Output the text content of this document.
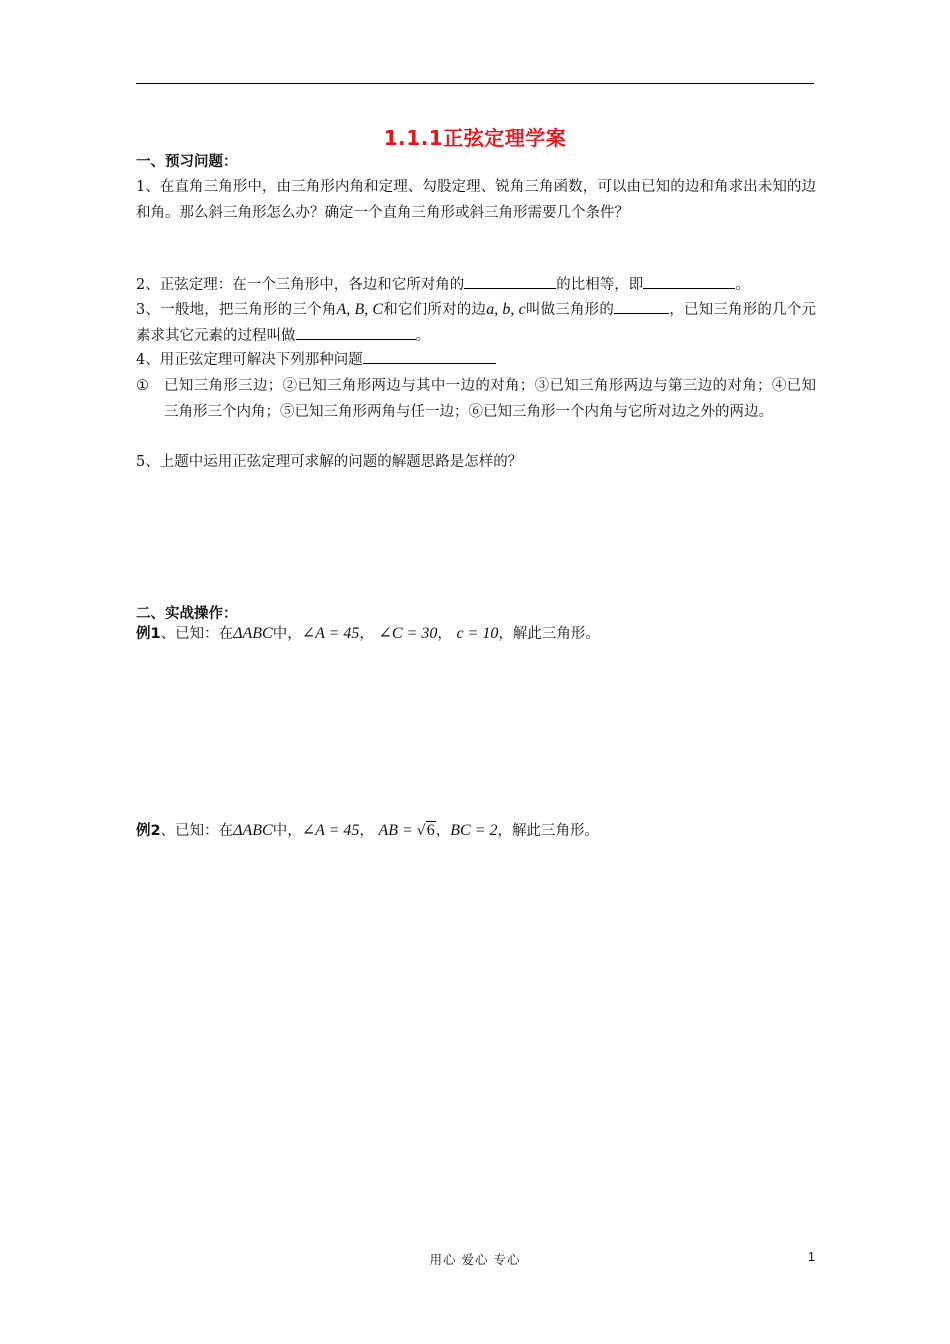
1.1.1正弦定理学案
一、预习问题：
1、在直角三角形中，由三角形内角和定理、勾股定理、锐角三角函数，可以由已知的边和角求出未知的边和角。那么斜三角形怎么办？确定一个直角三角形或斜三角形需要几个条件？
2、正弦定理：在一个三角形中，各边和它所对角的	的比相等，即	。
3、一般地，把三角形的三个角A, B, C和它们所对的边a, b, c叫做三角形的	，已知三角形的几个元素求其它元素的过程叫做	。
4、用正弦定理可解决下列那种问题
① 已知三角形三边；②已知三角形两边与其中一边的对角；③已知三角形两边与第三边的对角；④已知三角形三个内角；⑤已知三角形两角与任一边；⑥已知三角形一个内角与它所对边之外的两边。
5、上题中运用正弦定理可求解的问题的解题思路是怎样的？
二、实战操作：
例1、已知：在ΔABC中，∠A = 45， ∠C = 30， c = 10，解此三角形。
例2、已知：在ΔABC中，∠A = 45， AB = √6，BC = 2，解此三角形。
用心 爱心 专心	1
